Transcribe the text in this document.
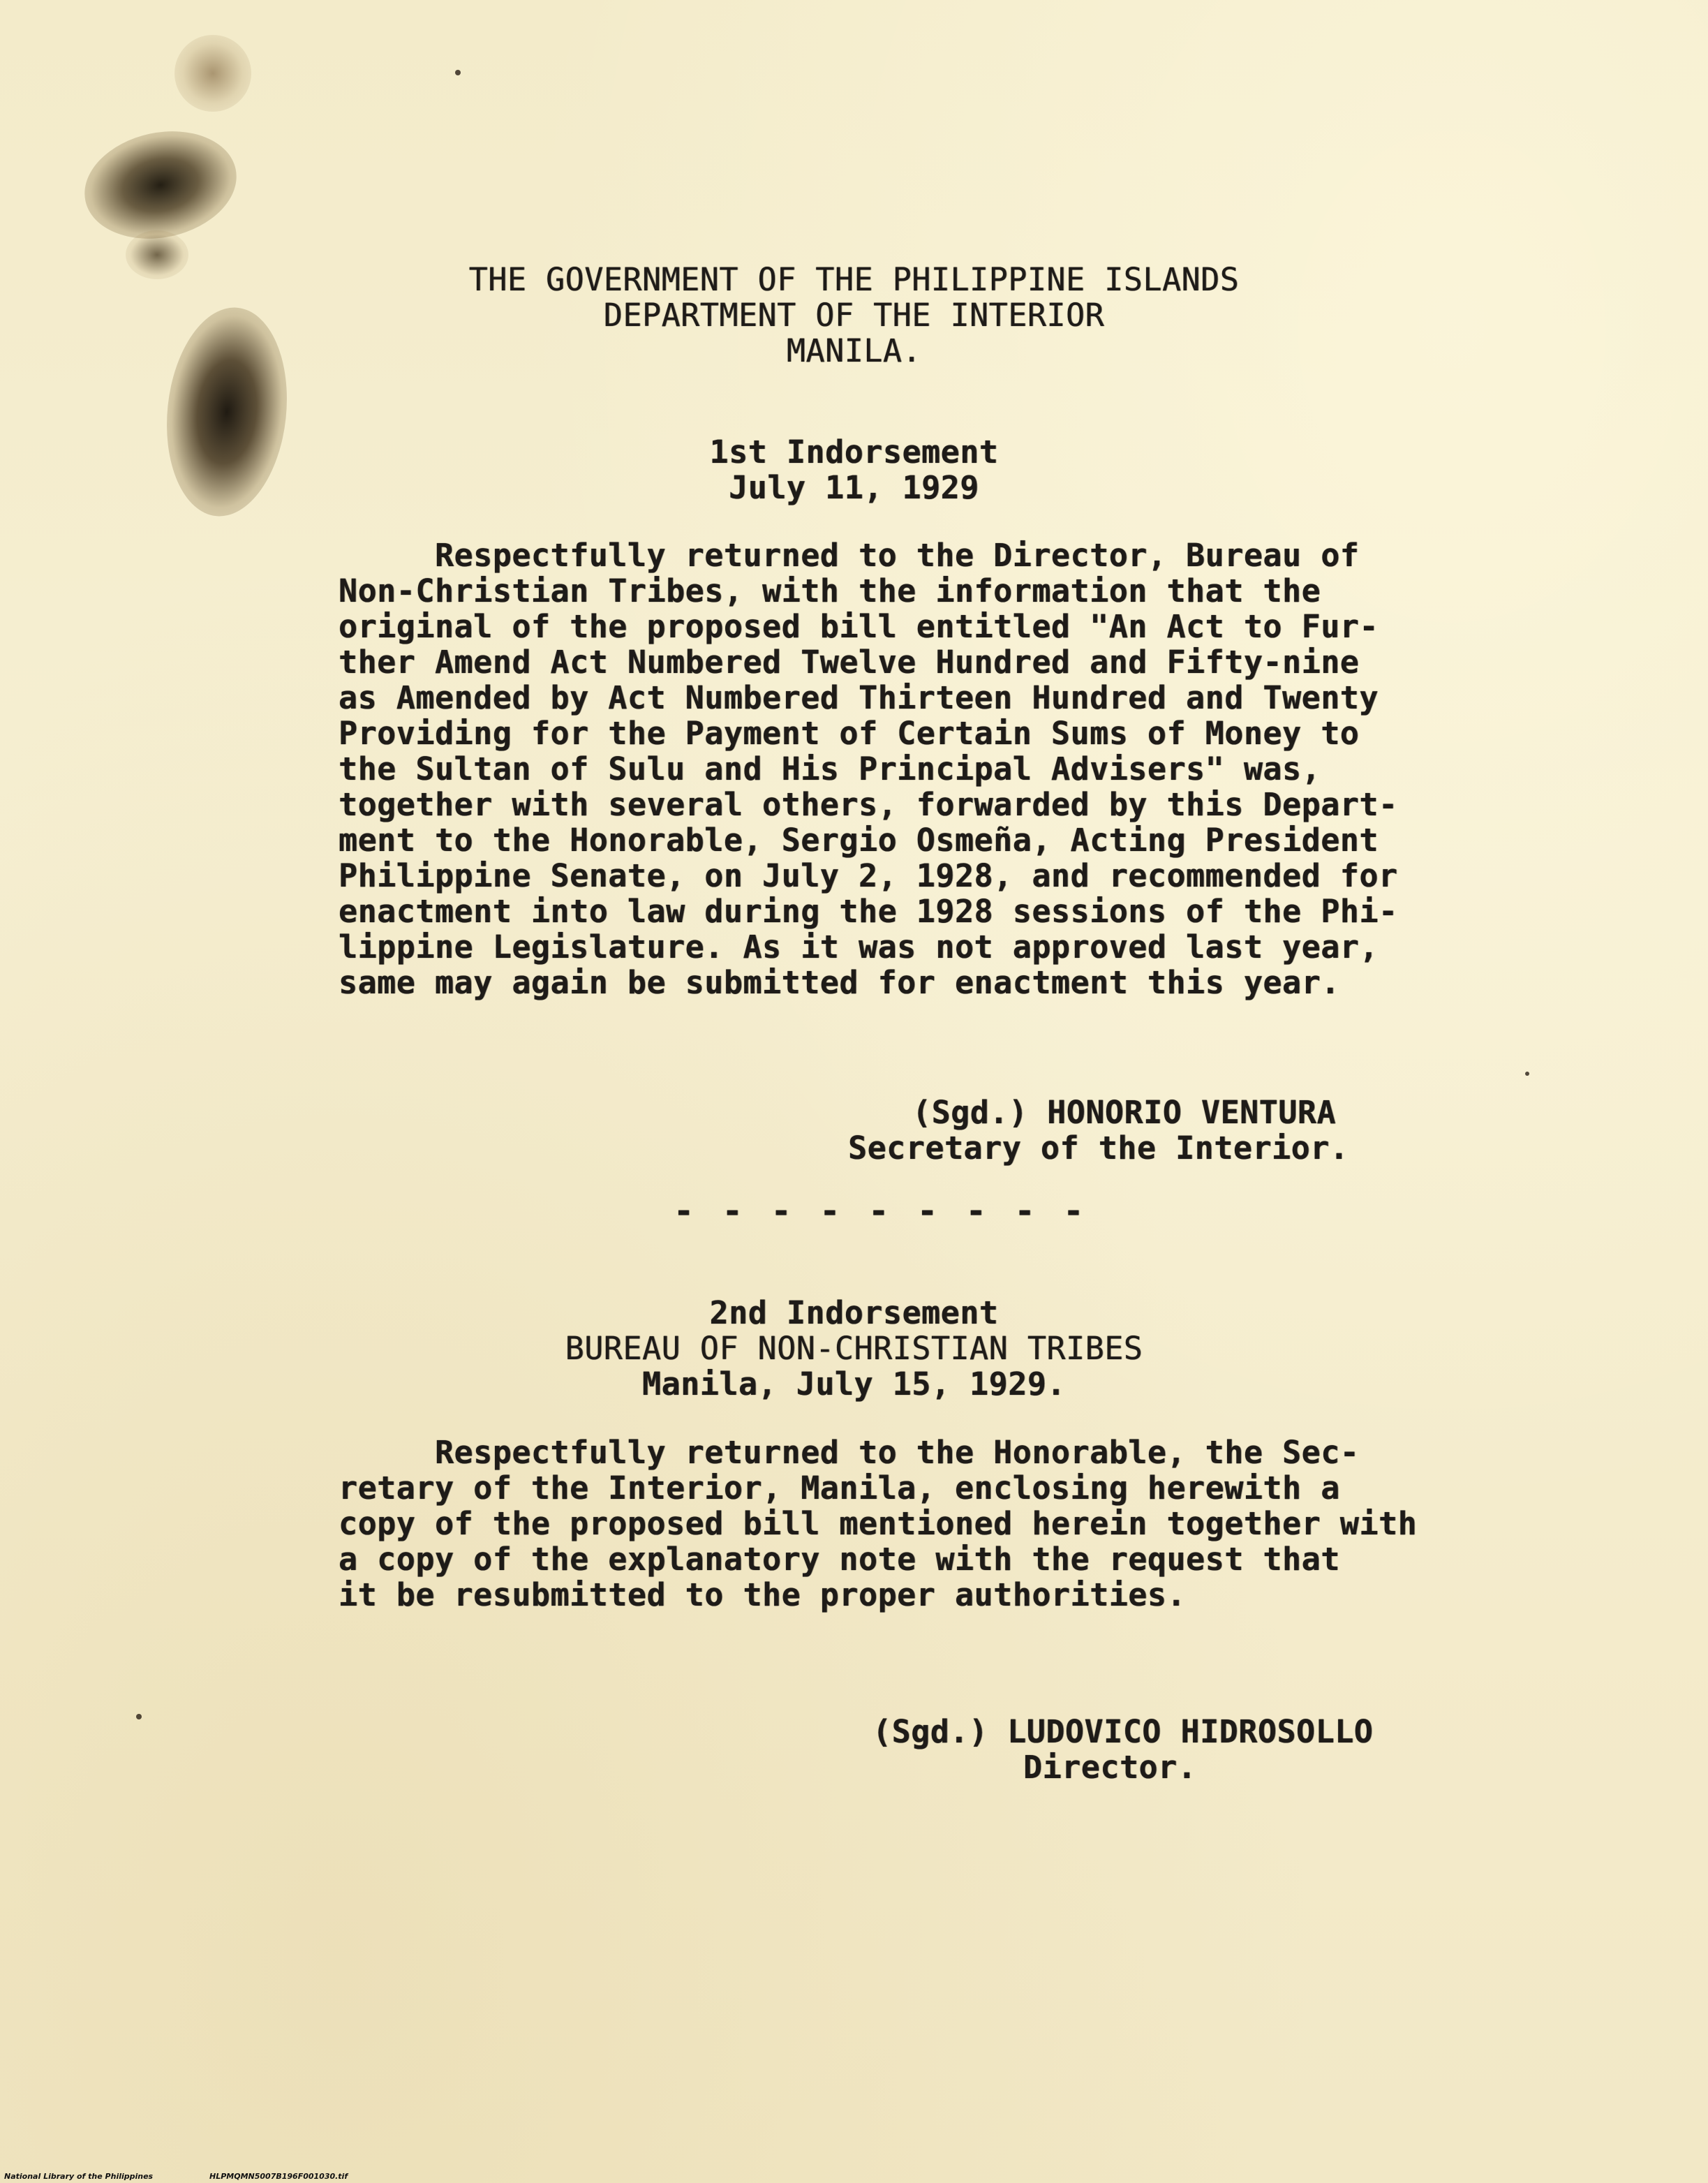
THE GOVERNMENT OF THE PHILIPPINE ISLANDS
DEPARTMENT OF THE INTERIOR
MANILA.
1st Indorsement
July 11, 1929
Respectfully returned to the Director, Bureau of
Non-Christian Tribes, with the information that the
original of the proposed bill entitled "An Act to Fur-
ther Amend Act Numbered Twelve Hundred and Fifty-nine
as Amended by Act Numbered Thirteen Hundred and Twenty
Providing for the Payment of Certain Sums of Money to
the Sultan of Sulu and His Principal Advisers" was,
together with several others, forwarded by this Depart-
ment to the Honorable, Sergio Osmeña, Acting President
Philippine Senate, on July 2, 1928, and recommended for
enactment into law during the 1928 sessions of the Phi-
lippine Legislature. As it was not approved last year,
same may again be submitted for enactment this year.
(Sgd.) HONORIO VENTURA
Secretary of the Interior.
- - - - - - - - -
2nd Indorsement
BUREAU OF NON-CHRISTIAN TRIBES
Manila, July 15, 1929.
Respectfully returned to the Honorable, the Sec-
retary of the Interior, Manila, enclosing herewith a
copy of the proposed bill mentioned herein together with
a copy of the explanatory note with the request that
it be resubmitted to the proper authorities.
(Sgd.) LUDOVICO HIDROSOLLO
Director.
National Library of the Philippines	HLPMQMN5007B196F001030.tif
